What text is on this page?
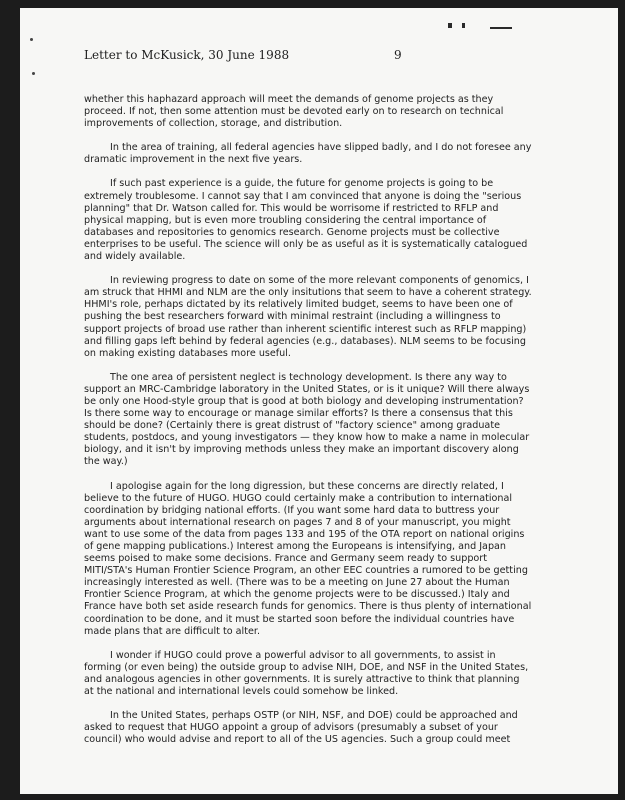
Letter to McKusick, 30 June 1988	9

whether this haphazard approach will meet the demands of genome projects as they proceed. If not, then some attention must be devoted early on to research on technical improvements of collection, storage, and distribution.

In the area of training, all federal agencies have slipped badly, and I do not foresee any dramatic improvement in the next five years.

If such past experience is a guide, the future for genome projects is going to be extremely troublesome. I cannot say that I am convinced that anyone is doing the "serious planning" that Dr. Watson called for. This would be worrisome if restricted to RFLP and physical mapping, but is even more troubling considering the central importance of databases and repositories to genomics research. Genome projects must be collective enterprises to be useful. The science will only be as useful as it is systematically catalogued and widely available.

In reviewing progress to date on some of the more relevant components of genomics, I am struck that HHMI and NLM are the only insitutions that seem to have a coherent strategy. HHMI's role, perhaps dictated by its relatively limited budget, seems to have been one of pushing the best researchers forward with minimal restraint (including a willingness to support projects of broad use rather than inherent scientific interest such as RFLP mapping) and filling gaps left behind by federal agencies (e.g., databases). NLM seems to be focusing on making existing databases more useful.

The one area of persistent neglect is technology development. Is there any way to support an MRC-Cambridge laboratory in the United States, or is it unique? Will there always be only one Hood-style group that is good at both biology and developing instrumentation? Is there some way to encourage or manage similar efforts? Is there a consensus that this should be done? (Certainly there is great distrust of "factory science" among graduate students, postdocs, and young investigators — they know how to make a name in molecular biology, and it isn't by improving methods unless they make an important discovery along the way.)

I apologise again for the long digression, but these concerns are directly related, I believe to the future of HUGO. HUGO could certainly make a contribution to international coordination by bridging national efforts. (If you want some hard data to buttress your arguments about international research on pages 7 and 8 of your manuscript, you might want to use some of the data from pages 133 and 195 of the OTA report on national origins of gene mapping publications.) Interest among the Europeans is intensifying, and Japan seems poised to make some decisions. France and Germany seem ready to support MITI/STA's Human Frontier Science Program, an other EEC countries a rumored to be getting increasingly interested as well. (There was to be a meeting on June 27 about the Human Frontier Science Program, at which the genome projects were to be discussed.) Italy and France have both set aside research funds for genomics. There is thus plenty of international coordination to be done, and it must be started soon before the individual countries have made plans that are difficult to alter.

I wonder if HUGO could prove a powerful advisor to all governments, to assist in forming (or even being) the outside group to advise NIH, DOE, and NSF in the United States, and analogous agencies in other governments. It is surely attractive to think that planning at the national and international levels could somehow be linked.

In the United States, perhaps OSTP (or NIH, NSF, and DOE) could be approached and asked to request that HUGO appoint a group of advisors (presumably a subset of your council) who would advise and report to all of the US agencies. Such a group could meet
